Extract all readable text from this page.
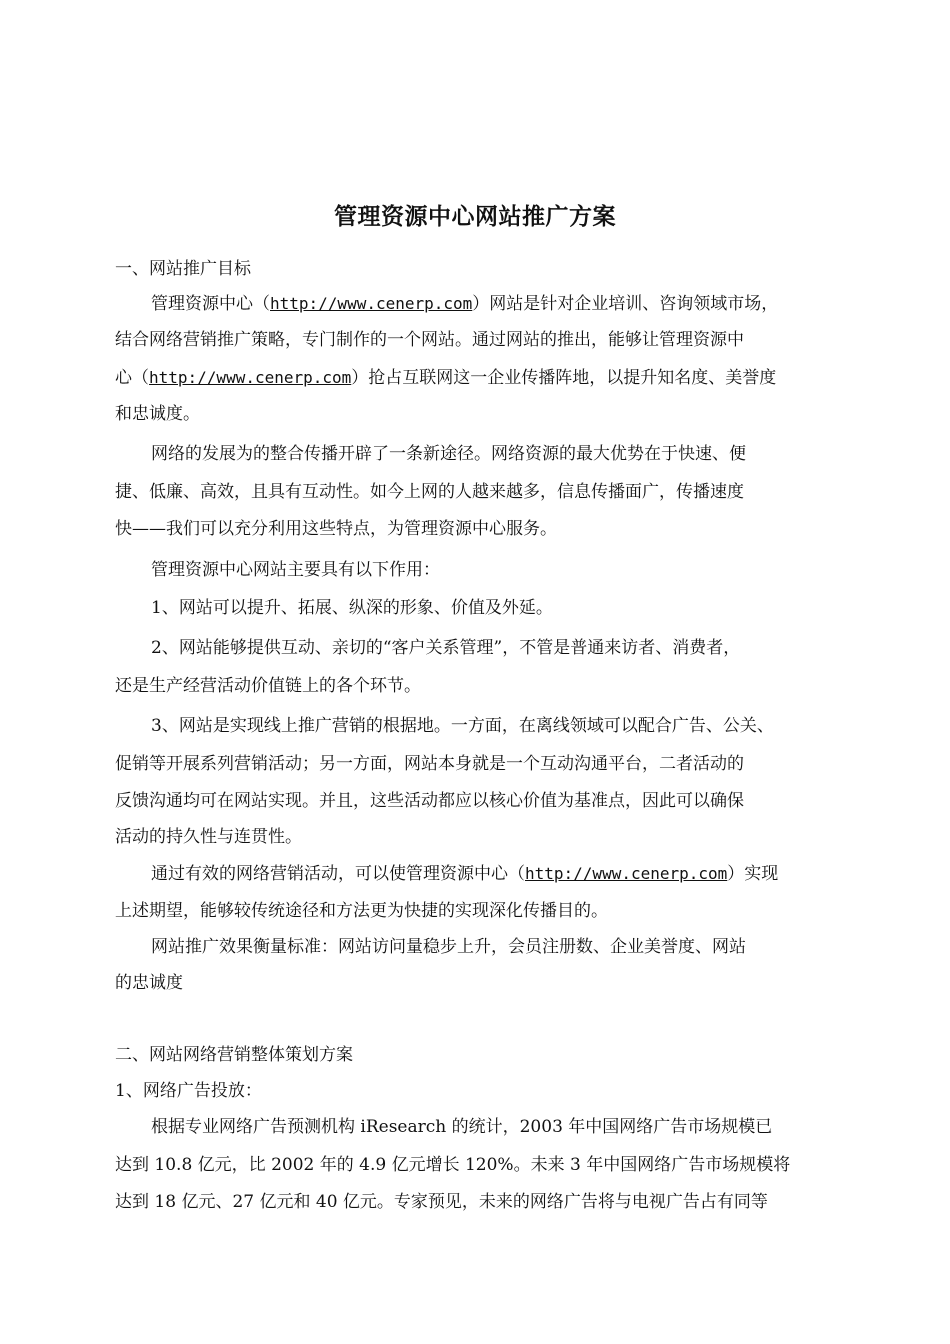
管理资源中心网站推广方案
一、网站推广目标
管理资源中心（http://www.cenerp.com）网站是针对企业培训、咨询领域市场，
结合网络营销推广策略，专门制作的一个网站。通过网站的推出，能够让管理资源中
心（http://www.cenerp.com）抢占互联网这一企业传播阵地，以提升知名度、美誉度
和忠诚度。
网络的发展为的整合传播开辟了一条新途径。网络资源的最大优势在于快速、便
捷、低廉、高效，且具有互动性。如今上网的人越来越多，信息传播面广，传播速度
快——我们可以充分利用这些特点，为管理资源中心服务。
管理资源中心网站主要具有以下作用：
1、网站可以提升、拓展、纵深的形象、价值及外延。
2、网站能够提供互动、亲切的“客户关系管理”，不管是普通来访者、消费者，
还是生产经营活动价值链上的各个环节。
3、网站是实现线上推广营销的根据地。一方面，在离线领域可以配合广告、公关、
促销等开展系列营销活动；另一方面，网站本身就是一个互动沟通平台，二者活动的
反馈沟通均可在网站实现。并且，这些活动都应以核心价值为基准点，因此可以确保
活动的持久性与连贯性。
通过有效的网络营销活动，可以使管理资源中心（http://www.cenerp.com）实现
上述期望，能够较传统途径和方法更为快捷的实现深化传播目的。
网站推广效果衡量标准：网站访问量稳步上升，会员注册数、企业美誉度、网站
的忠诚度
二、网站网络营销整体策划方案
1、网络广告投放：
根据专业网络广告预测机构 iResearch 的统计，2003 年中国网络广告市场规模已
达到 10.8 亿元，比 2002 年的 4.9 亿元增长 120%。未来 3 年中国网络广告市场规模将
达到 18 亿元、27 亿元和 40 亿元。专家预见，未来的网络广告将与电视广告占有同等
